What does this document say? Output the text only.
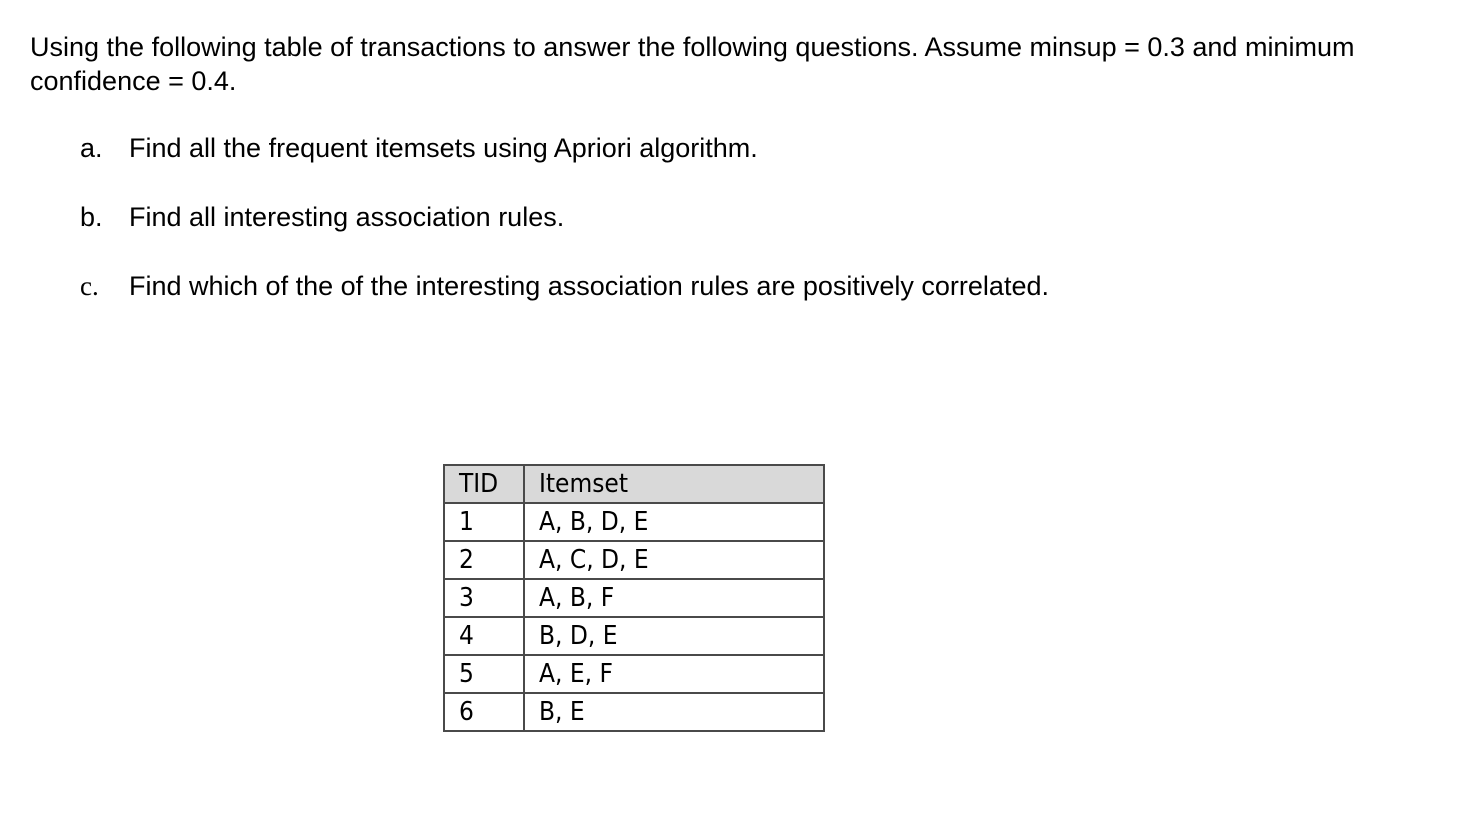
Using the following table of transactions to answer the following questions. Assume minsup = 0.3 and minimum confidence = 0.4.

a. Find all the frequent itemsets using Apriori algorithm.
b. Find all interesting association rules.
c. Find which of the of the interesting association rules are positively correlated.
TID	Itemset
1	A, B, D, E
2	A, C, D, E
3	A, B, F
4	B, D, E
5	A, E, F
6	B, E
